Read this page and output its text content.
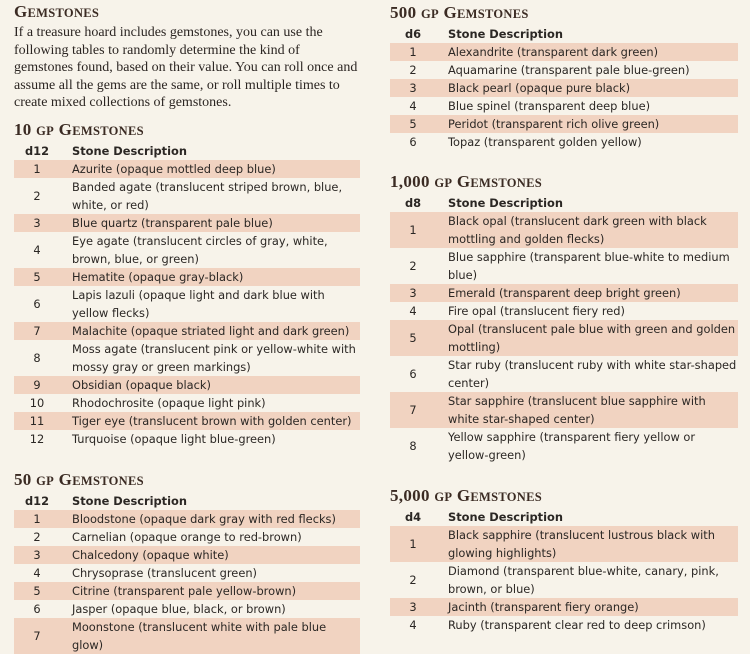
GEMSTONES

If a treasure hoard includes gemstones, you can use the following tables to randomly determine the kind of gemstones found, based on their value. You can roll once and assume all the gems are the same, or roll multiple times to create mixed collections of gemstones.

10 GP GEMSTONES
d12	Stone Description
1	Azurite (opaque mottled deep blue)
2	Banded agate (translucent striped brown, blue, white, or red)
3	Blue quartz (transparent pale blue)
4	Eye agate (translucent circles of gray, white, brown, blue, or green)
5	Hematite (opaque gray-black)
6	Lapis lazuli (opaque light and dark blue with yellow flecks)
7	Malachite (opaque striated light and dark green)
8	Moss agate (translucent pink or yellow-white with mossy gray or green markings)
9	Obsidian (opaque black)
10	Rhodochrosite (opaque light pink)
11	Tiger eye (translucent brown with golden center)
12	Turquoise (opaque light blue-green)
50 GP GEMSTONES
d12	Stone Description
1	Bloodstone (opaque dark gray with red flecks)
2	Carnelian (opaque orange to red-brown)
3	Chalcedony (opaque white)
4	Chrysoprase (translucent green)
5	Citrine (transparent pale yellow-brown)
6	Jasper (opaque blue, black, or brown)
7	Moonstone (translucent white with pale blue glow)
500 GP GEMSTONES
d6	Stone Description
1	Alexandrite (transparent dark green)
2	Aquamarine (transparent pale blue-green)
3	Black pearl (opaque pure black)
4	Blue spinel (transparent deep blue)
5	Peridot (transparent rich olive green)
6	Topaz (transparent golden yellow)
1,000 GP GEMSTONES
d8	Stone Description
1	Black opal (translucent dark green with black mottling and golden flecks)
2	Blue sapphire (transparent blue-white to medium blue)
3	Emerald (transparent deep bright green)
4	Fire opal (translucent fiery red)
5	Opal (translucent pale blue with green and golden mottling)
6	Star ruby (translucent ruby with white star-shaped center)
7	Star sapphire (translucent blue sapphire with white star-shaped center)
8	Yellow sapphire (transparent fiery yellow or yellow-green)
5,000 GP GEMSTONES
d4	Stone Description
1	Black sapphire (translucent lustrous black with glowing highlights)
2	Diamond (transparent blue-white, canary, pink, brown, or blue)
3	Jacinth (transparent fiery orange)
4	Ruby (transparent clear red to deep crimson)
